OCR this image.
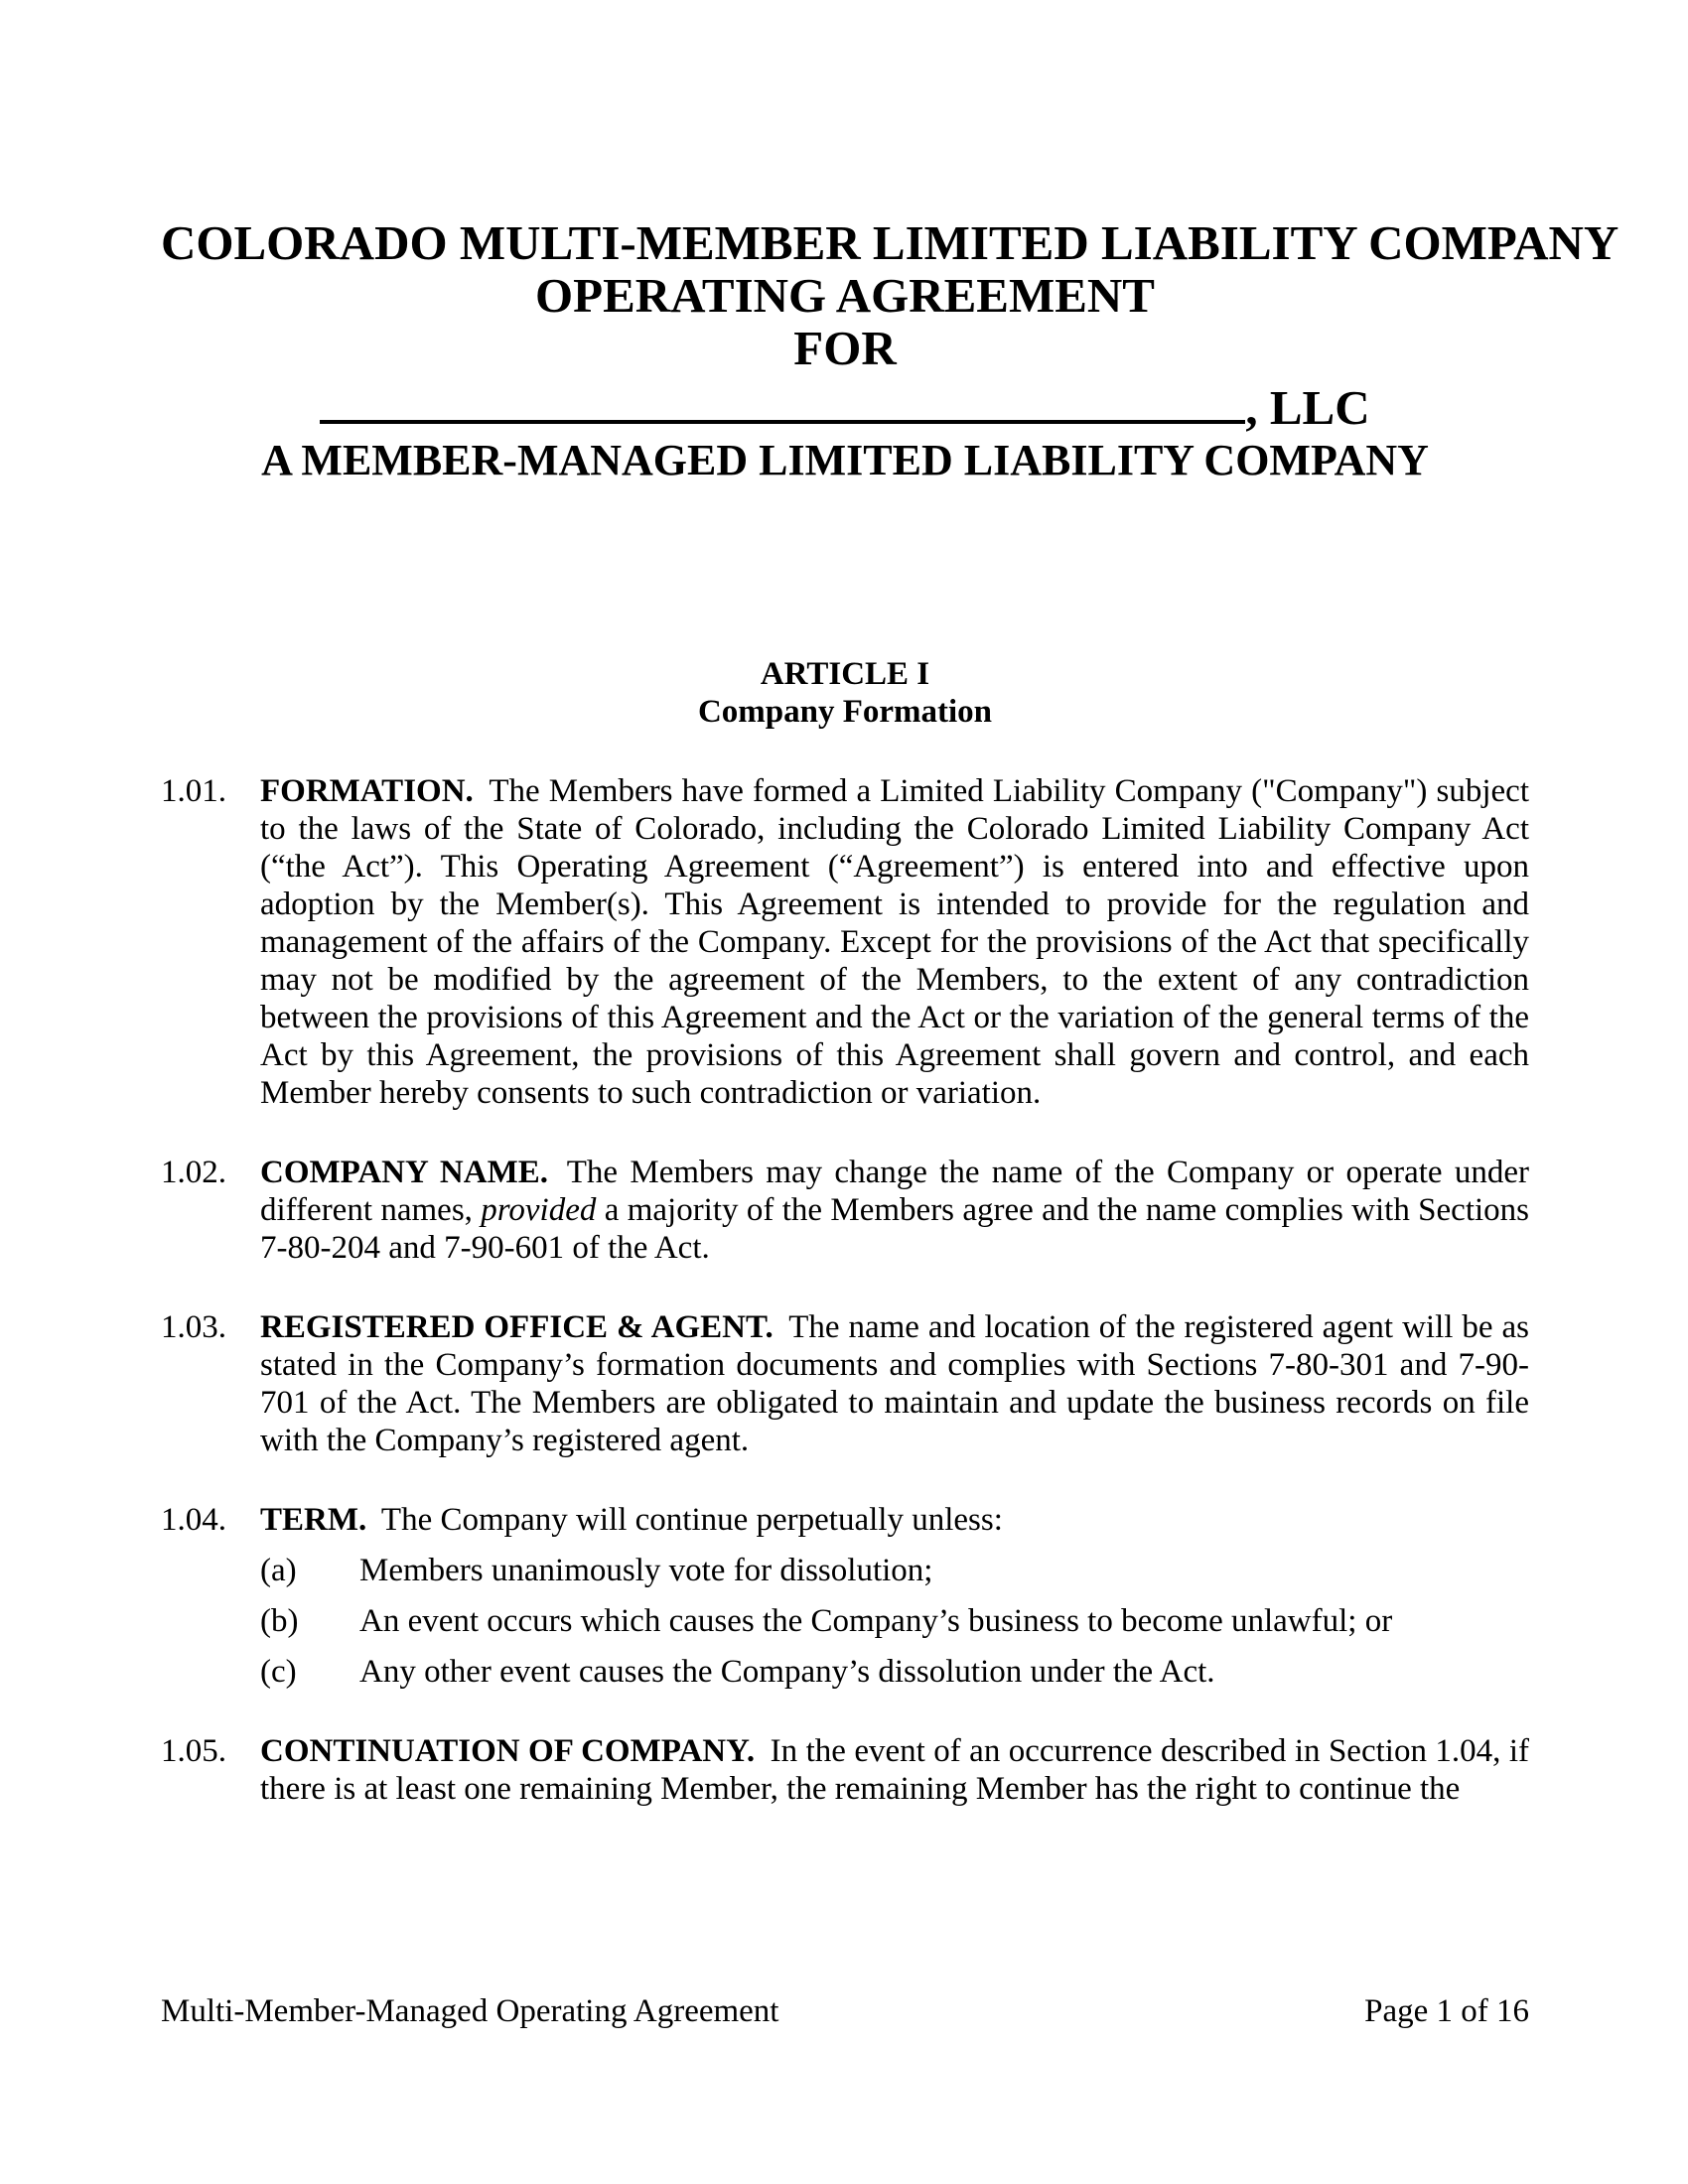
COLORADO MULTI-MEMBER LIMITED LIABILITY COMPANY
OPERATING AGREEMENT
FOR
, LLC
A MEMBER-MANAGED LIMITED LIABILITY COMPANY
ARTICLE I
Company Formation
1.01. FORMATION. The Members have formed a Limited Liability Company ("Company") subject to the laws of the State of Colorado, including the Colorado Limited Liability Company Act (“the Act”). This Operating Agreement (“Agreement”) is entered into and effective upon adoption by the Member(s). This Agreement is intended to provide for the regulation and management of the affairs of the Company. Except for the provisions of the Act that specifically may not be modified by the agreement of the Members, to the extent of any contradiction between the provisions of this Agreement and the Act or the variation of the general terms of the Act by this Agreement, the provisions of this Agreement shall govern and control, and each Member hereby consents to such contradiction or variation.
1.02. COMPANY NAME. The Members may change the name of the Company or operate under different names, provided a majority of the Members agree and the name complies with Sections 7-80-204 and 7-90-601 of the Act.
1.03. REGISTERED OFFICE & AGENT. The name and location of the registered agent will be as stated in the Company’s formation documents and complies with Sections 7-80-301 and 7-90-701 of the Act. The Members are obligated to maintain and update the business records on file with the Company’s registered agent.
1.04. TERM. The Company will continue perpetually unless:
(a) Members unanimously vote for dissolution;
(b) An event occurs which causes the Company’s business to become unlawful; or
(c) Any other event causes the Company’s dissolution under the Act.
1.05. CONTINUATION OF COMPANY. In the event of an occurrence described in Section 1.04, if there is at least one remaining Member, the remaining Member has the right to continue the
Multi-Member-Managed Operating Agreement	Page 1 of 16
